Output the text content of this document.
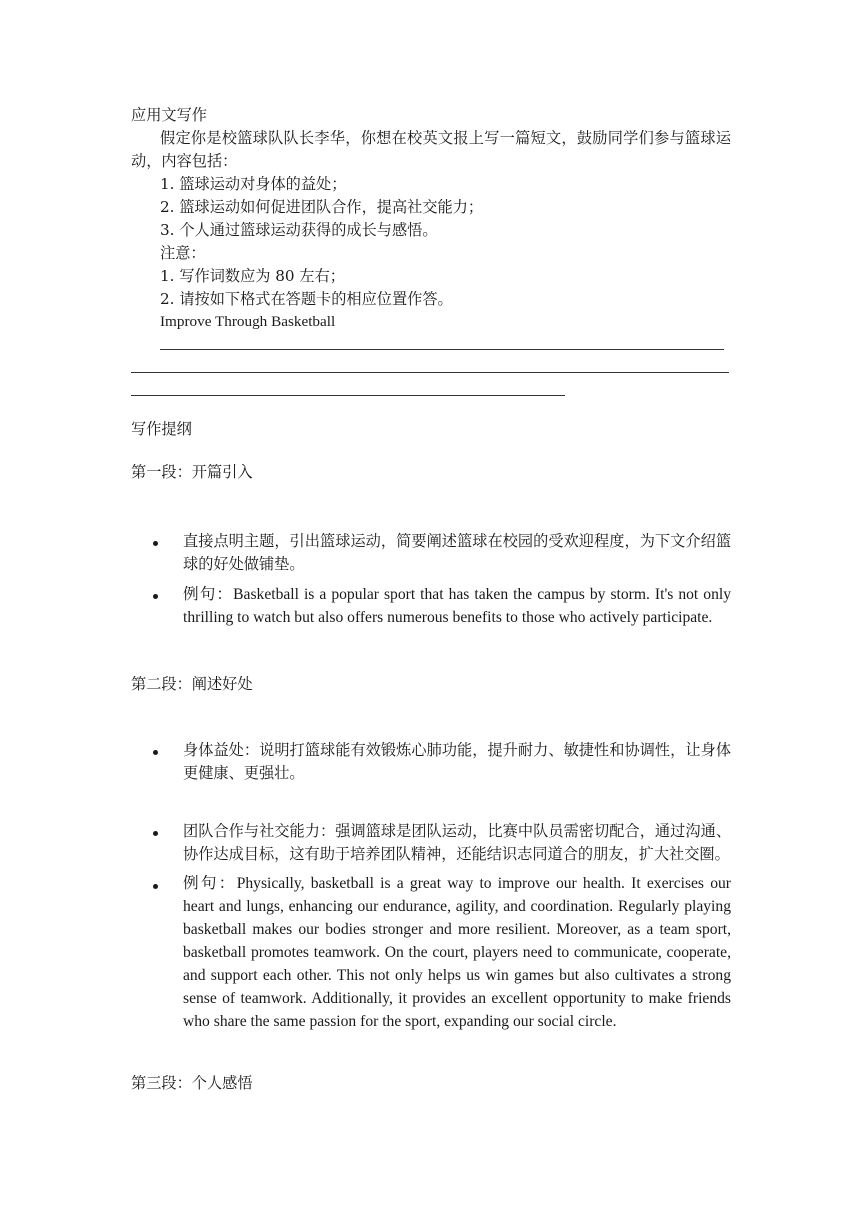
应用文写作
假定你是校篮球队队长李华，你想在校英文报上写一篇短文，鼓励同学们参与篮球运动，内容包括：
1. 篮球运动对身体的益处；
2. 篮球运动如何促进团队合作，提高社交能力；
3. 个人通过篮球运动获得的成长与感悟。
注意：
1. 写作词数应为 80 左右；
2. 请按如下格式在答题卡的相应位置作答。
Improve Through Basketball
写作提纲
第一段：开篇引入
直接点明主题，引出篮球运动，简要阐述篮球在校园的受欢迎程度，为下文介绍篮球的好处做铺垫。
例句：Basketball is a popular sport that has taken the campus by storm. It's not only thrilling to watch but also offers numerous benefits to those who actively participate.
第二段：阐述好处
身体益处：说明打篮球能有效锻炼心肺功能，提升耐力、敏捷性和协调性，让身体更健康、更强壮。
团队合作与社交能力：强调篮球是团队运动，比赛中队员需密切配合，通过沟通、协作达成目标，这有助于培养团队精神，还能结识志同道合的朋友，扩大社交圈。
例句：Physically, basketball is a great way to improve our health. It exercises our heart and lungs, enhancing our endurance, agility, and coordination. Regularly playing basketball makes our bodies stronger and more resilient. Moreover, as a team sport, basketball promotes teamwork. On the court, players need to communicate, cooperate, and support each other. This not only helps us win games but also cultivates a strong sense of teamwork. Additionally, it provides an excellent opportunity to make friends who share the same passion for the sport, expanding our social circle.
第三段：个人感悟
